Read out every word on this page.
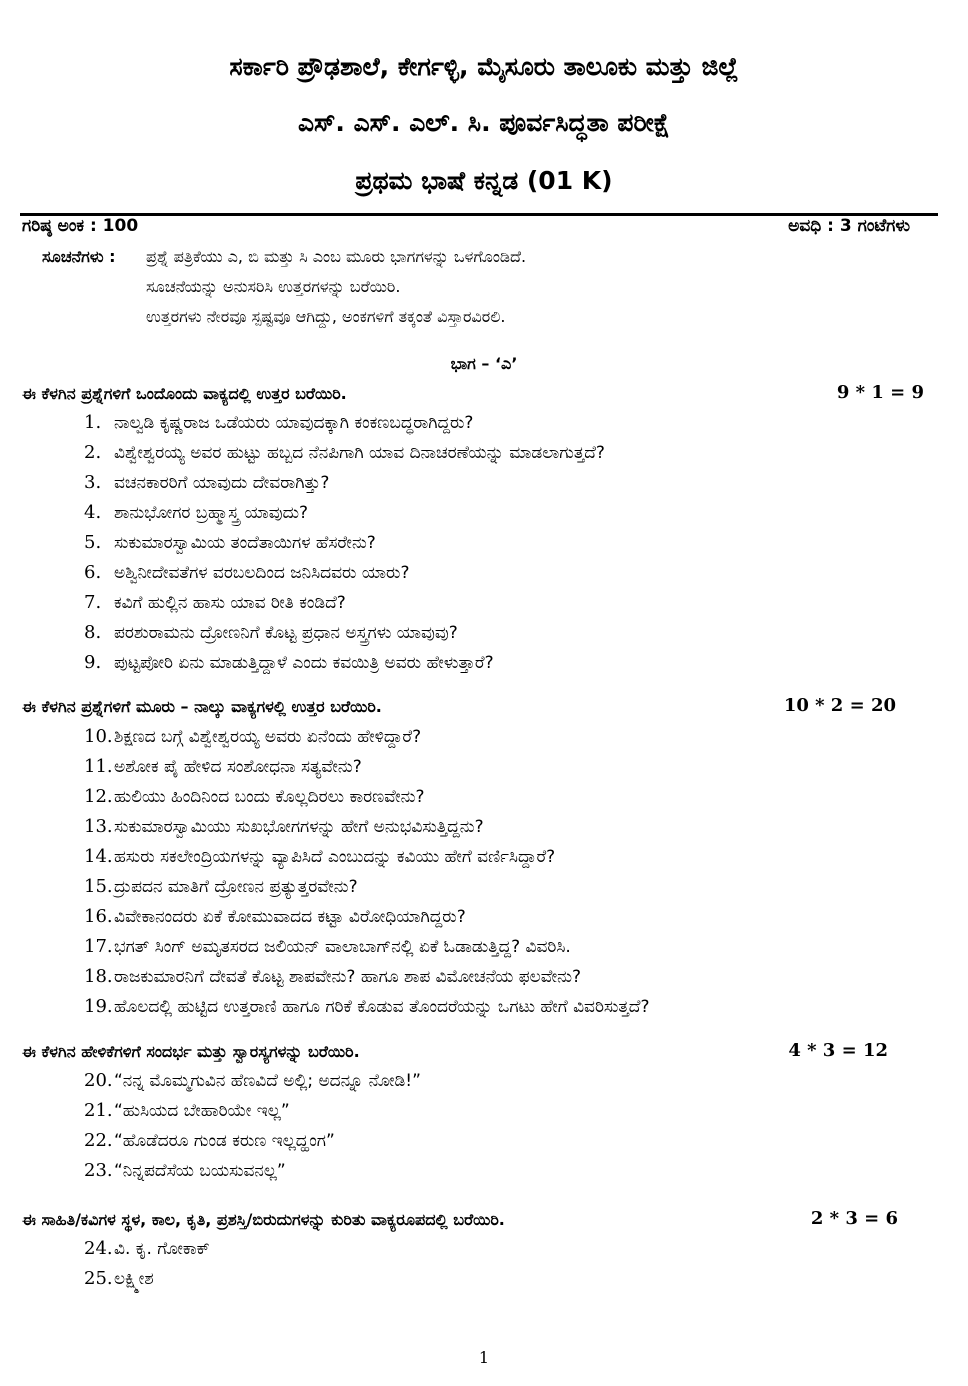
ಸರ್ಕಾರಿ ಪ್ರೌಢಶಾಲೆ, ಕೇರ್ಗಳ್ಳಿ, ಮೈಸೂರು ತಾಲೂಕು ಮತ್ತು ಜಿಲ್ಲೆ
ಎಸ್. ಎಸ್. ಎಲ್. ಸಿ. ಪೂರ್ವಸಿದ್ಧತಾ ಪರೀಕ್ಷೆ
ಪ್ರಥಮ ಭಾಷೆ ಕನ್ನಡ (01 K)
ಗರಿಷ್ಠ ಅಂಕ : 100	ಅವಧಿ : 3 ಗಂಟೆಗಳು
ಸೂಚನೆಗಳು : ಪ್ರಶ್ನೆ ಪತ್ರಿಕೆಯು ಎ, ಬಿ ಮತ್ತು ಸಿ ಎಂಬ ಮೂರು ಭಾಗಗಳನ್ನು ಒಳಗೊಂಡಿದೆ.
ಸೂಚನೆಯನ್ನು ಅನುಸರಿಸಿ ಉತ್ತರಗಳನ್ನು ಬರೆಯಿರಿ.
ಉತ್ತರಗಳು ನೇರವೂ ಸ್ಪಷ್ಟವೂ ಆಗಿದ್ದು, ಅಂಕಗಳಿಗೆ ತಕ್ಕಂತೆ ವಿಸ್ತಾರವಿರಲಿ.
ಭಾಗ – ‘ಎ’
ಈ ಕೆಳಗಿನ ಪ್ರಶ್ನೆಗಳಿಗೆ ಒಂದೊಂದು ವಾಕ್ಯದಲ್ಲಿ ಉತ್ತರ ಬರೆಯಿರಿ.	9 * 1 = 9
1. ನಾಲ್ವಡಿ ಕೃಷ್ಣರಾಜ ಒಡೆಯರು ಯಾವುದಕ್ಕಾಗಿ ಕಂಕಣಬದ್ಧರಾಗಿದ್ದರು?
2. ವಿಶ್ವೇಶ್ವರಯ್ಯ ಅವರ ಹುಟ್ಟು ಹಬ್ಬದ ನೆನಪಿಗಾಗಿ ಯಾವ ದಿನಾಚರಣೆಯನ್ನು ಮಾಡಲಾಗುತ್ತದೆ?
3. ವಚನಕಾರರಿಗೆ ಯಾವುದು ದೇವರಾಗಿತ್ತು?
4. ಶಾನುಭೋಗರ ಬ್ರಹ್ಮಾಸ್ತ್ರ ಯಾವುದು?
5. ಸುಕುಮಾರಸ್ವಾಮಿಯ ತಂದೆತಾಯಿಗಳ ಹೆಸರೇನು?
6. ಅಶ್ವಿನೀದೇವತೆಗಳ ವರಬಲದಿಂದ ಜನಿಸಿದವರು ಯಾರು?
7. ಕವಿಗೆ ಹುಲ್ಲಿನ ಹಾಸು ಯಾವ ರೀತಿ ಕಂಡಿದೆ?
8. ಪರಶುರಾಮನು ದ್ರೋಣನಿಗೆ ಕೊಟ್ಟ ಪ್ರಧಾನ ಅಸ್ತ್ರಗಳು ಯಾವುವು?
9. ಪುಟ್ಟಪೋರಿ ಏನು ಮಾಡುತ್ತಿದ್ದಾಳೆ ಎಂದು ಕವಯಿತ್ರಿ ಅವರು ಹೇಳುತ್ತಾರೆ?
ಈ ಕೆಳಗಿನ ಪ್ರಶ್ನೆಗಳಿಗೆ ಮೂರು – ನಾಲ್ಕು ವಾಕ್ಯಗಳಲ್ಲಿ ಉತ್ತರ ಬರೆಯಿರಿ.	10 * 2 = 20
10.ಶಿಕ್ಷಣದ ಬಗ್ಗೆ ವಿಶ್ವೇಶ್ವರಯ್ಯ ಅವರು ಏನೆಂದು ಹೇಳಿದ್ದಾರೆ?
11.ಅಶೋಕ ಪೈ ಹೇಳಿದ ಸಂಶೋಧನಾ ಸತ್ಯವೇನು?
12.ಹುಲಿಯು ಹಿಂದಿನಿಂದ ಬಂದು ಕೊಲ್ಲದಿರಲು ಕಾರಣವೇನು?
13.ಸುಕುಮಾರಸ್ವಾಮಿಯು ಸುಖಭೋಗಗಳನ್ನು ಹೇಗೆ ಅನುಭವಿಸುತ್ತಿದ್ದನು?
14.ಹಸುರು ಸಕಲೇಂದ್ರಿಯಗಳನ್ನು ವ್ಯಾಪಿಸಿದೆ ಎಂಬುದನ್ನು ಕವಿಯು ಹೇಗೆ ವರ್ಣಿಸಿದ್ದಾರೆ?
15.ದ್ರುಪದನ ಮಾತಿಗೆ ದ್ರೋಣನ ಪ್ರತ್ಯುತ್ತರವೇನು?
16.ವಿವೇಕಾನಂದರು ಏಕೆ ಕೋಮುವಾದದ ಕಟ್ಟಾ ವಿರೋಧಿಯಾಗಿದ್ದರು?
17.ಭಗತ್ ಸಿಂಗ್ ಅಮೃತಸರದ ಜಲಿಯನ್ ವಾಲಾಬಾಗ್‌ನಲ್ಲಿ ಏಕೆ ಓಡಾಡುತ್ತಿದ್ದ? ವಿವರಿಸಿ.
18.ರಾಜಕುಮಾರನಿಗೆ ದೇವತೆ ಕೊಟ್ಟ ಶಾಪವೇನು? ಹಾಗೂ ಶಾಪ ವಿಮೋಚನೆಯ ಫಲವೇನು?
19.ಹೊಲದಲ್ಲಿ ಹುಟ್ಟಿದ ಉತ್ತರಾಣಿ ಹಾಗೂ ಗರಿಕೆ ಕೊಡುವ ತೊಂದರೆಯನ್ನು ಒಗಟು ಹೇಗೆ ವಿವರಿಸುತ್ತದೆ?
ಈ ಕೆಳಗಿನ ಹೇಳಿಕೆಗಳಿಗೆ ಸಂದರ್ಭ ಮತ್ತು ಸ್ವಾರಸ್ಯಗಳನ್ನು ಬರೆಯಿರಿ.	4 * 3 = 12
20.“ನನ್ನ ಮೊಮ್ಮಗುವಿನ ಹೆಣವಿದೆ ಅಲ್ಲಿ; ಅದನ್ನೂ ನೋಡಿ!”
21.“ಹುಸಿಯದ ಬೇಹಾರಿಯೇ ಇಲ್ಲ”
22.“ಹೊಡೆದರೂ ಗುಂಡ ಕರುಣ ಇಲ್ಲದ್ಹಂಗ”
23.“ನಿನ್ನಪದೆಸೆಯ ಬಯಸುವನಲ್ಲ”
ಈ ಸಾಹಿತಿ/ಕವಿಗಳ ಸ್ಥಳ, ಕಾಲ, ಕೃತಿ, ಪ್ರಶಸ್ತಿ/ಬಿರುದುಗಳನ್ನು ಕುರಿತು ವಾಕ್ಯರೂಪದಲ್ಲಿ ಬರೆಯಿರಿ.	2 * 3 = 6
24.ವಿ. ಕೃ. ಗೋಕಾಕ್
25.ಲಕ್ಷ್ಮೀಶ
1
